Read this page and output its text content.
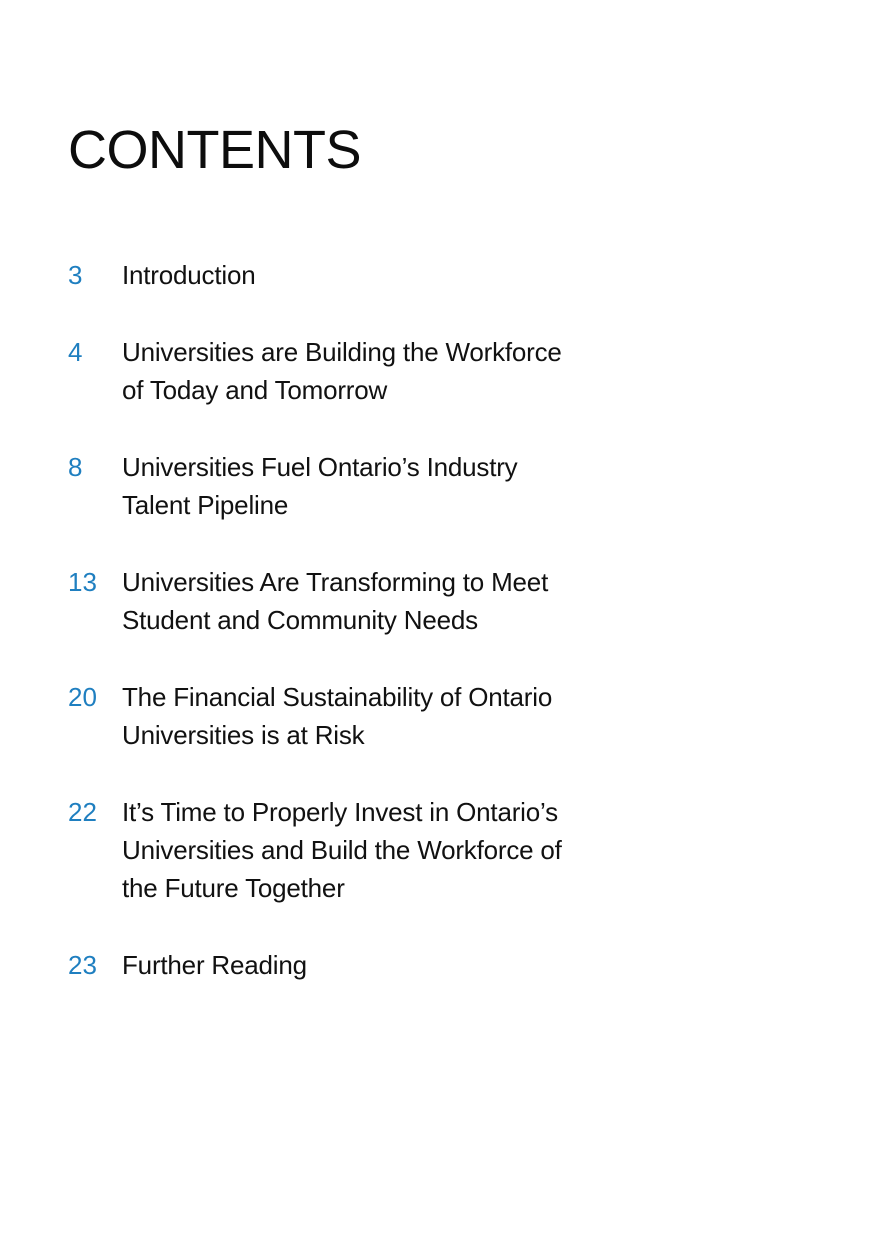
CONTENTS
3	Introduction
4	Universities are Building the Workforce
of Today and Tomorrow
8	Universities Fuel Ontario’s Industry
Talent Pipeline
13 Universities Are Transforming to Meet
Student and Community Needs
20 The Financial Sustainability of Ontario
Universities is at Risk
22 It’s Time to Properly Invest in Ontario’s
Universities and Build the Workforce of
the Future Together
23 Further Reading
